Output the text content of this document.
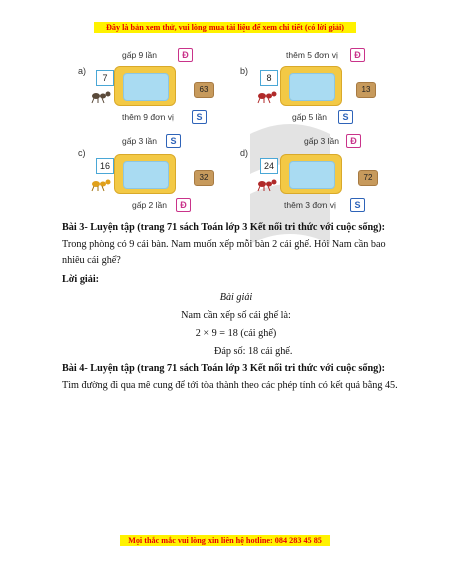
Đây là bản xem thử, vui lòng mua tài liệu để xem chi tiết (có lời giải)
a)
gấp 9 lần	Đ
7
63
thêm 9 đơn vị	S
b)
thêm 5 đơn vị	Đ
8
13
gấp 5 lần	S
c)
gấp 3 lần	S
16
32
gấp 2 lần	Đ
d)
gấp 3 lần	Đ
24
72
thêm 3 đơn vị	S
Bài 3- Luyện tập (trang 71 sách Toán lớp 3 Kết nối tri thức với cuộc sống):
Trong phòng có 9 cái bàn. Nam muốn xếp mỗi bàn 2 cái ghế. Hỏi Nam cần bao nhiêu cái ghế?
Lời giải:
Bài giải
Nam cần xếp số cái ghế là:
2 × 9 = 18 (cái ghế)
Đáp số: 18 cái ghế.
Bài 4- Luyện tập (trang 71 sách Toán lớp 3 Kết nối tri thức với cuộc sống):
Tìm đường đi qua mê cung để tới tòa thành theo các phép tính có kết quả bằng 45.
Mọi thắc mắc vui lòng xin liên hệ hotline: 084 283 45 85
